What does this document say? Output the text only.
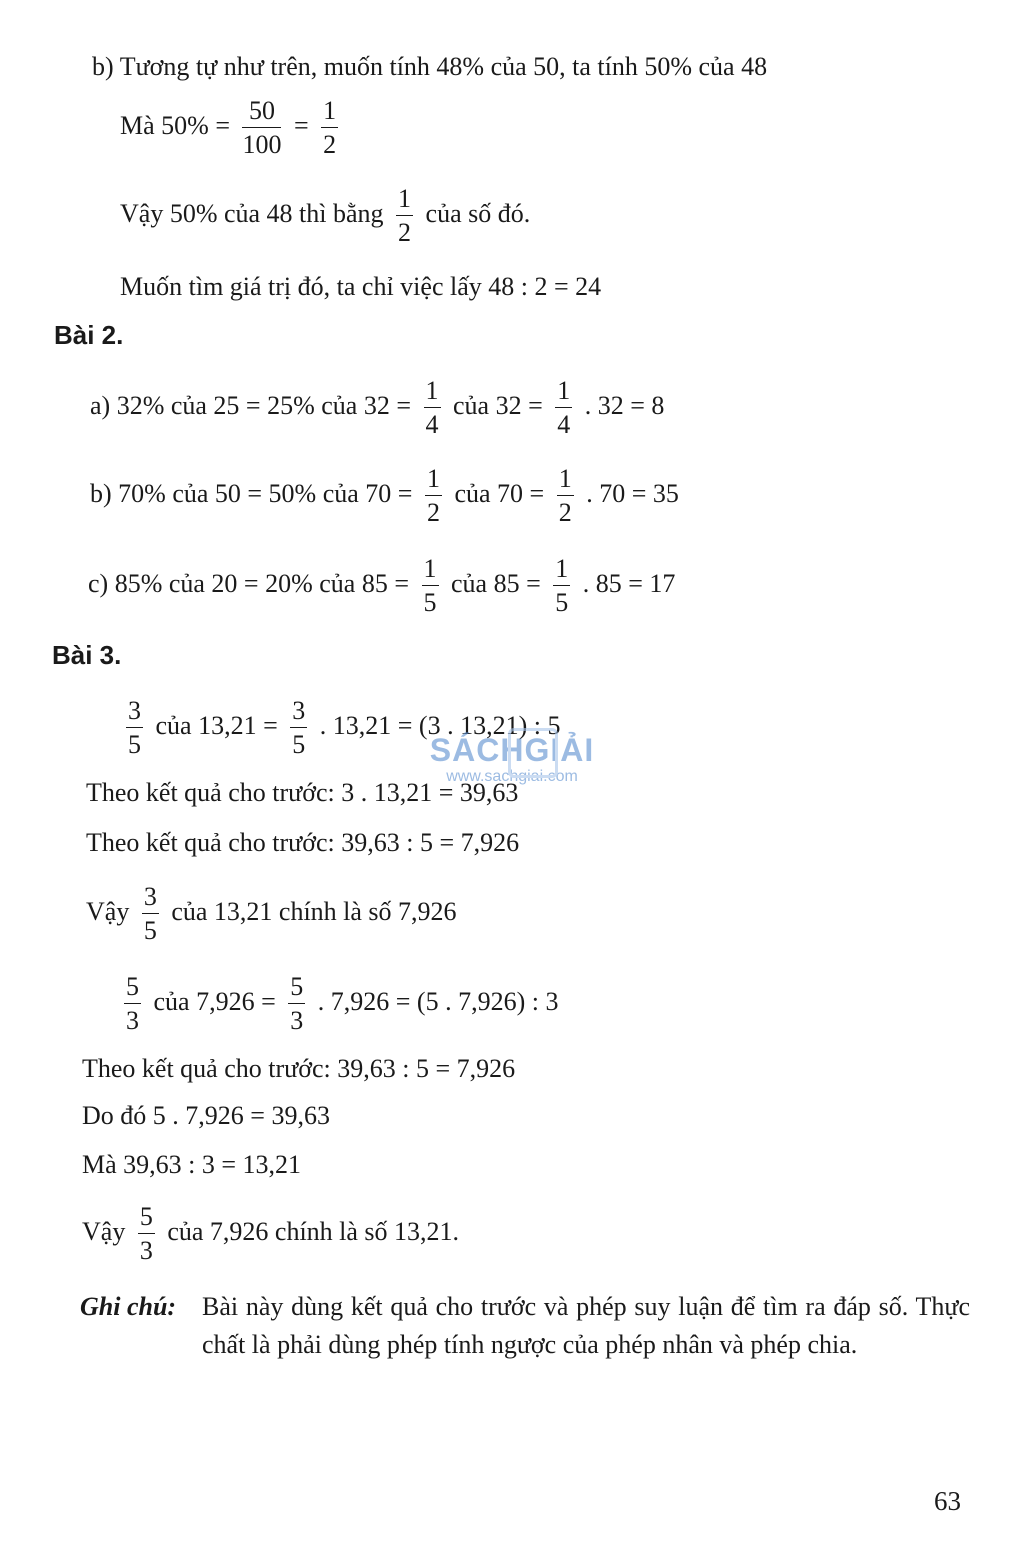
b) Tương tự như trên, muốn tính 48% của 50, ta tính 50% của 48
Mà $50\% = \frac{50}{100} = \frac{1}{2}$
Vậy 50% của 48 thì bằng $\frac{1}{2}$ của số đó.
Muốn tìm giá trị đó, ta chỉ việc lấy 48 : 2 = 24
Bài 2.
a) 32% của 25 = 25% của $32 = \frac{1}{4}$ của $32 = \frac{1}{4}$ . 32 = 8
b) 70% của 50 = 50% của $70 = \frac{1}{2}$ của $70 = \frac{1}{2}$ . 70 = 35
c) 85% của 20 = 20% của $85 = \frac{1}{5}$ của $85 = \frac{1}{5}$ . 85 = 17
Bài 3.
$\frac{3}{5}$ của $13,21 = \frac{3}{5}$ . 13,21 = (3 . 13,21) : 5
SÁCHGIẢI
www.sachgiai.com
Theo kết quả cho trước: 3 . 13,21 = 39,63
Theo kết quả cho trước: 39,63 : 5 = 7,926
Vậy $\frac{3}{5}$ của 13,21 chính là số 7,926
$\frac{5}{3}$ của $7,926 = \frac{5}{3}$ . 7,926 = (5 . 7,926) : 3
Theo kết quả cho trước: 39,63 : 5 = 7,926
Do đó 5 . 7,926 = 39,63
Mà 39,63 : 3 = 13,21
Vậy $\frac{5}{3}$ của 7,926 chính là số 13,21.
Ghi chú: Bài này dùng kết quả cho trước và phép suy luận để tìm ra đáp số. Thực chất là phải dùng phép tính ngược của phép nhân và phép chia.
63
